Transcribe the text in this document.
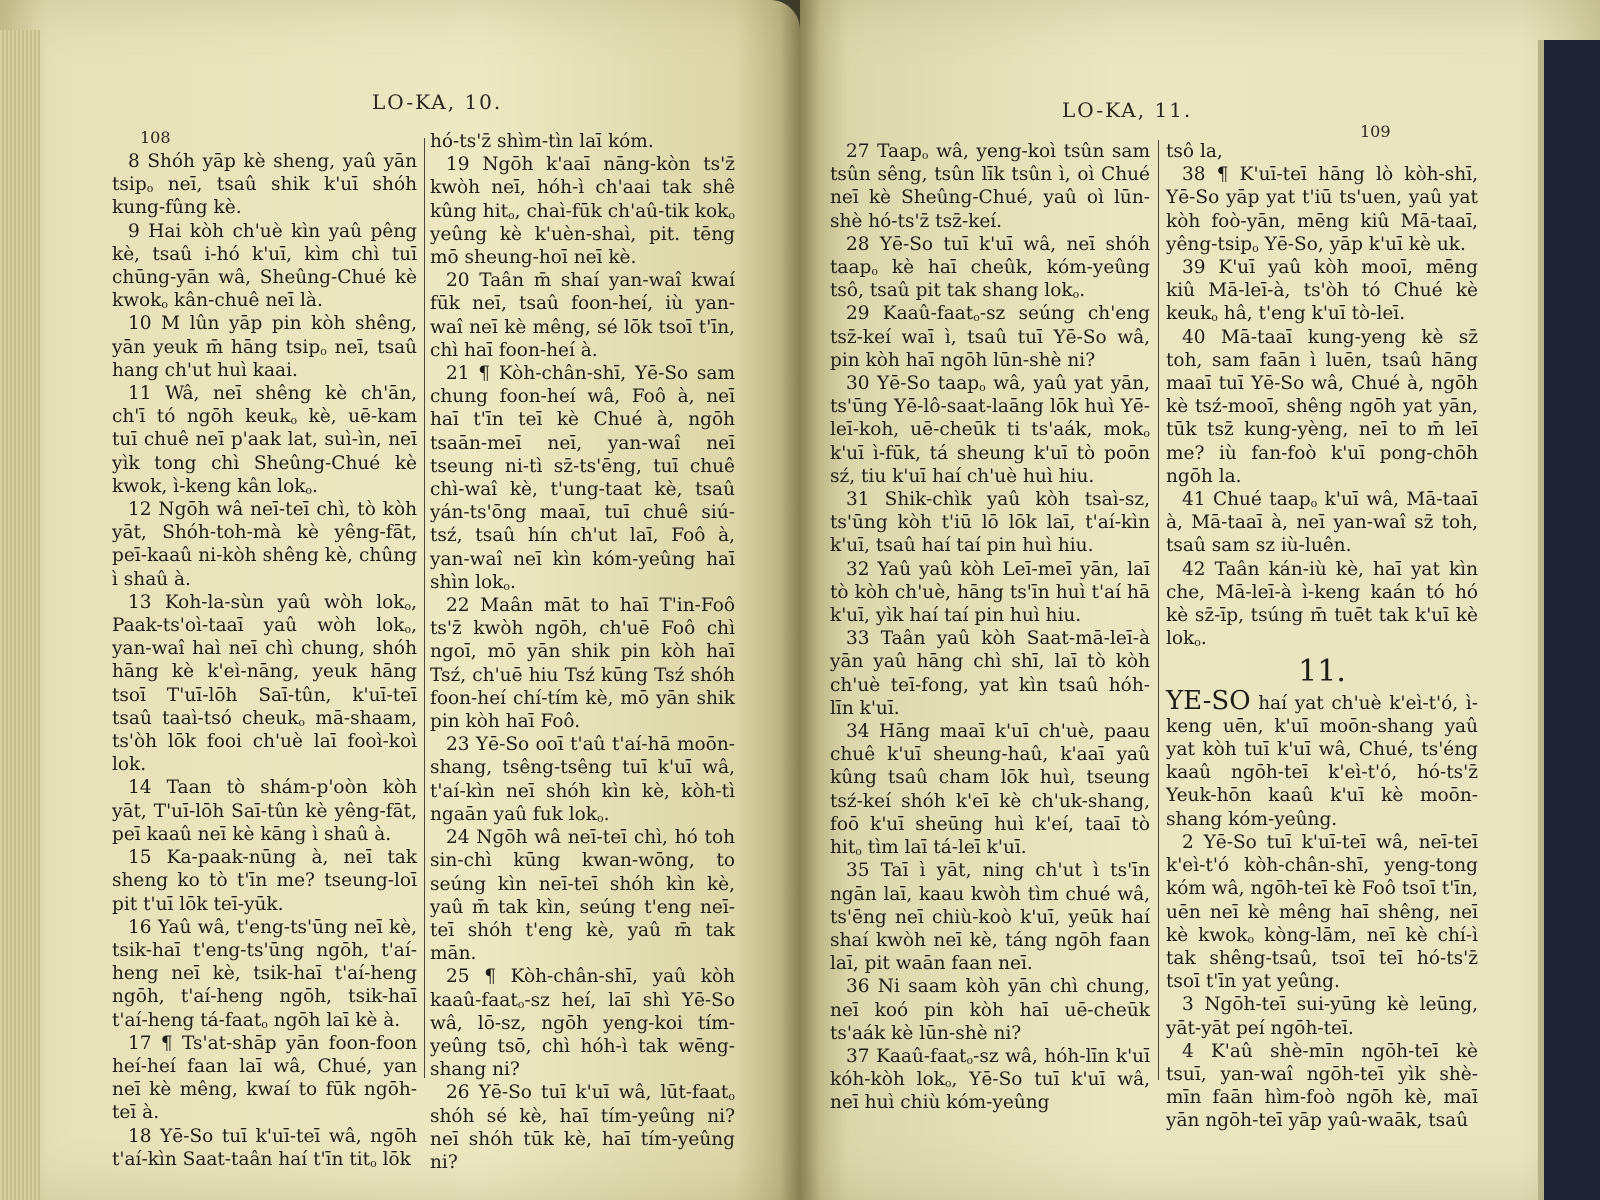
LO-KA, 10.
108

8 Shóh yāp kè sheng, yaû yān tsip$_o$ neī, tsaû shik k'uī shóh kung-fûng kè.

9 Hai kòh ch'uè kìn yaû pêng kè, tsaû i-hó k'uī, kìm chì tuī chūng-yān wâ, Sheûng-Chué kè kwok$_o$ kân-chuê neī là.

10 M lûn yāp pin kòh shêng, yān yeuk m̄ hāng tsip$_o$ neī, tsaû hang ch'ut huì kaai.

11 Wâ, neī shêng kè ch'ān, ch'ī tó ngōh keuk$_o$ kè, uē-kam tuī chuê neī p'aak lat, suì-ìn, neī yìk tong chì Sheûng-Chué kè kwok, ì-keng kân lok$_o$.

12 Ngōh wâ neī-teī chì, tò kòh yāt, Shóh-toh-mà kè yêng-fāt, peī-kaaû ni-kòh shêng kè, chûng ì shaû à.

13 Koh-la-sùn yaû wòh lok$_o$, Paak-ts'oì-taaī yaû wòh lok$_o$, yan-waî haì neī chì chung, shóh hāng kè k'eì-nāng, yeuk hāng tsoī T'uī-lōh Saī-tûn, k'uī-teī tsaû taaì-tsó cheuk$_o$ mā-shaam, ts'òh lōk fooi ch'uè laī fooì-koì lok.

14 Taan tò shám-p'oòn kòh yāt, T'uī-lōh Saī-tûn kè yêng-fāt, peī kaaû neī kè kāng ì shaû à.

15 Ka-paak-nūng à, neī tak sheng ko tò t'īn me? tseung-loī pit t'uī lōk teī-yūk.

16 Yaû wâ, t'eng-ts'ūng neī kè, tsik-haī t'eng-ts'ūng ngōh, t'aí-heng neī kè, tsik-haī t'aí-heng ngōh, t'aí-heng ngōh, tsik-haī t'aí-heng tá-faat$_o$ ngōh laī kè à.

17 ¶ Ts'at-shāp yān foon-foon heí-heí faan laī wâ, Chué, yan neī kè mêng, kwaí to fūk ngōh-teī à.

18 Yē-So tuī k'uī-teī wâ, ngōh t'aí-kìn Saat-taân haí t'īn tit$_o$ lōk

hó-ts'z̄ shìm-tìn laī kóm.

19 Ngōh k'aaī nāng-kòn ts'z̄ kwòh neī, hóh-ì ch'aai tak shê kûng hit$_o$, chaì-fūk ch'aû-tik kok$_o$ yeûng kè k'uèn-shaì, pit. tēng mō sheung-hoī neī kè.

20 Taân m̄ shaí yan-waî kwaí fūk neī, tsaû foon-heí, iù yan-waî neī kè mêng, sé lōk tsoī t'īn, chì haī foon-heí à.

21 ¶ Kòh-chân-shī, Yē-So sam chung foon-heí wâ, Foô à, neī haī t'īn teī kè Chué à, ngōh tsaān-meī neī, yan-waî neī tseung ni-tì sz̄-ts'ēng, tuī chuê chì-waî kè, t'ung-taat kè, tsaû yán-ts'ōng maaī, tuī chuê siú-tsź, tsaû hín ch'ut laī, Foô à, yan-waî neī kìn kóm-yeûng haī shìn lok$_o$.

22 Maân māt to haī T'in-Foô ts'z̄ kwòh ngōh, ch'uē Foô chì ngoī, mō yān shik pin kòh haī Tsź, ch'uē hiu Tsź kūng Tsź shóh foon-heí chí-tím kè, mō yān shik pin kòh haī Foô.

23 Yē-So ooī t'aû t'aí-hā moōn-shang, tsêng-tsêng tuī k'uī wâ, t'aí-kìn neī shóh kìn kè, kòh-tì ngaān yaû fuk lok$_o$.

24 Ngōh wâ neī-teī chì, hó toh sin-chì kūng kwan-wōng, to seúng kìn neī-teī shóh kìn kè, yaû m̄ tak kìn, seúng t'eng neī-teī shóh t'eng kè, yaû m̄ tak mān.

25 ¶ Kòh-chân-shī, yaû kòh kaaû-faat$_o$-sz heí, laī shì Yē-So wâ, lō-sz, ngōh yeng-koi tím-yeûng tsō, chì hóh-ì tak wēng-shang ni?

26 Yē-So tuī k'uī wâ, lūt-faat$_o$ shóh sé kè, haī tím-yeûng ni? neī shóh tūk kè, haī tím-yeûng ni?

LO-KA, 11.
109

27 Taap$_o$ wâ, yeng-koì tsûn sam tsûn sêng, tsûn līk tsûn ì, oì Chué neī kè Sheûng-Chué, yaû oì lūn-shè hó-ts'z̄ tsz̄-keí.

28 Yē-So tuī k'uī wâ, neī shóh taap$_o$ kè haī cheûk, kóm-yeûng tsô, tsaû pit tak shang lok$_o$.

29 Kaaû-faat$_o$-sz seúng ch'eng tsz̄-keí waī ì, tsaû tuī Yē-So wâ, pin kòh haī ngōh lūn-shè ni?

30 Yē-So taap$_o$ wâ, yaû yat yān, ts'ūng Yē-lô-saat-laāng lōk huì Yē-leī-koh, uē-cheūk ti ts'aák, mok$_o$ k'uī ì-fūk, tá sheung k'uī tò poōn sź, tiu k'uī haí ch'uè huì hiu.

31 Shik-chìk yaû kòh tsaì-sz, ts'ūng kòh t'iū lō lōk laī, t'aí-kìn k'uī, tsaû haí taí pin huì hiu.

32 Yaû yaû kòh Leī-meī yān, laī tò kòh ch'uè, hāng ts'īn huì t'aí hā k'uī, yìk haí taí pin huì hiu.

33 Taân yaû kòh Saat-mā-leī-à yān yaû hāng chì shī, laī tò kòh ch'uè teī-fong, yat kìn tsaû hóh-līn k'uī.

34 Hāng maaī k'uī ch'uè, paau chuê k'uī sheung-haû, k'aaī yaû kûng tsaû cham lōk huì, tseung tsź-keí shóh k'eī kè ch'uk-shang, foō k'uī sheūng huì k'eí, taaī tò hit$_o$ tìm laī tá-leī k'uī.

35 Taī ì yāt, ning ch'ut ì ts'īn ngān laī, kaau kwòh tìm chué wâ, ts'ēng neī chiù-koò k'uī, yeūk haí shaí kwòh neī kè, táng ngōh faan laī, pit waān faan neī.

36 Ni saam kòh yān chì chung, neī koó pin kòh haī uē-cheūk ts'aák kè lūn-shè ni?

37 Kaaû-faat$_o$-sz wâ, hóh-līn k'uī kóh-kòh lok$_o$, Yē-So tuī k'uī wâ, neī huì chiù kóm-yeûng

tsô la,

38 ¶ K'uī-teī hāng lò kòh-shī, Yē-So yāp yat t'iū ts'uen, yaû yat kòh foò-yān, mēng kiû Mā-taaī, yêng-tsip$_o$ Yē-So, yāp k'uī kè uk.

39 K'uī yaû kòh mooī, mēng kiû Mā-leī-à, ts'òh tó Chué kè keuk$_o$ hâ, t'eng k'uī tò-leī.

40 Mā-taaī kung-yeng kè sz̄ toh, sam faān ì luēn, tsaû hāng maaī tuī Yē-So wâ, Chué à, ngōh kè tsź-mooī, shêng ngōh yat yān, tūk tsz̄ kung-yèng, neī to m̄ leī me? iù fan-foò k'uī pong-chōh ngōh la.

41 Chué taap$_o$ k'uī wâ, Mā-taaī à, Mā-taaī à, neī yan-waî sz̄ toh, tsaû sam sz iù-luên.

42 Taân kán-iù kè, haī yat kìn che, Mā-leī-à ì-keng kaán tó hó kè sz̄-īp, tsúng m̄ tuēt tak k'uī kè lok$_o$.

11.

YE-SO haí yat ch'uè k'eì-t'ó, ì-keng uēn, k'uī moōn-shang yaû yat kòh tuī k'uī wâ, Chué, ts'éng kaaû ngōh-teī k'eì-t'ó, hó-ts'z̄ Yeuk-hōn kaaû k'uī kè moōn-shang kóm-yeûng.

2 Yē-So tuī k'uī-teī wâ, neī-teī k'eì-t'ó kòh-chân-shī, yeng-tong kóm wâ, ngōh-teī kè Foô tsoī t'īn, uēn neī kè mêng haī shêng, neī kè kwok$_o$ kòng-lām, neī kè chí-ì tak shêng-tsaû, tsoī teī hó-ts'z̄ tsoī t'īn yat yeûng.

3 Ngōh-teī sui-yūng kè leūng, yāt-yāt peí ngōh-teī.

4 K'aû shè-mīn ngōh-teī kè tsuī, yan-waî ngōh-teī yìk shè-mīn faān hìm-foò ngōh kè, maī yān ngōh-teī yāp yaû-waāk, tsaû
